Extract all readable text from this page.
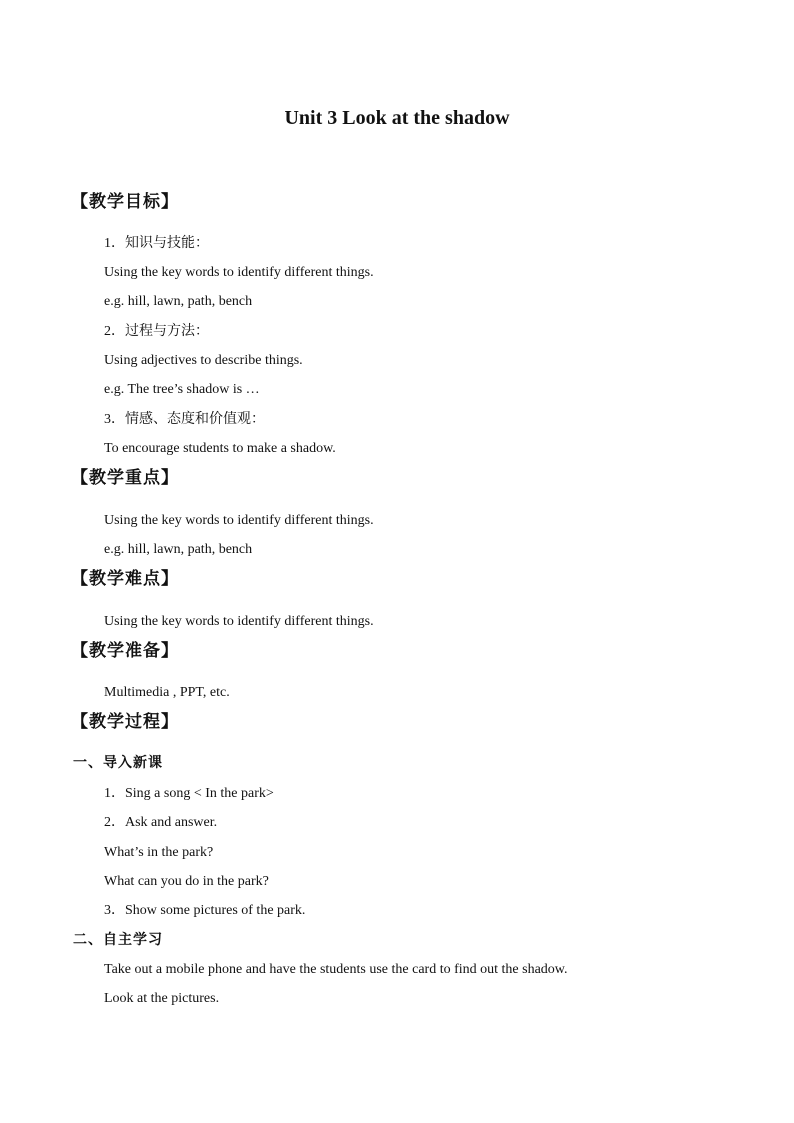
Unit 3 Look at the shadow
【教学目标】
1．知识与技能：
Using the key words to identify different things.
e.g. hill, lawn, path, bench
2．过程与方法：
Using adjectives to describe things.
e.g. The tree’s shadow is …
3．情感、态度和价值观：
To encourage students to make a shadow.
【教学重点】
Using the key words to identify different things.
e.g. hill, lawn, path, bench
【教学难点】
Using the key words to identify different things.
【教学准备】
Multimedia , PPT, etc.
【教学过程】
一、导入新课
1．Sing a song < In the park>
2．Ask and answer.
What’s in the park?
What can you do in the park?
3．Show some pictures of the park.
二、自主学习
Take out a mobile phone and have the students use the card to find out the shadow.
Look at the pictures.
